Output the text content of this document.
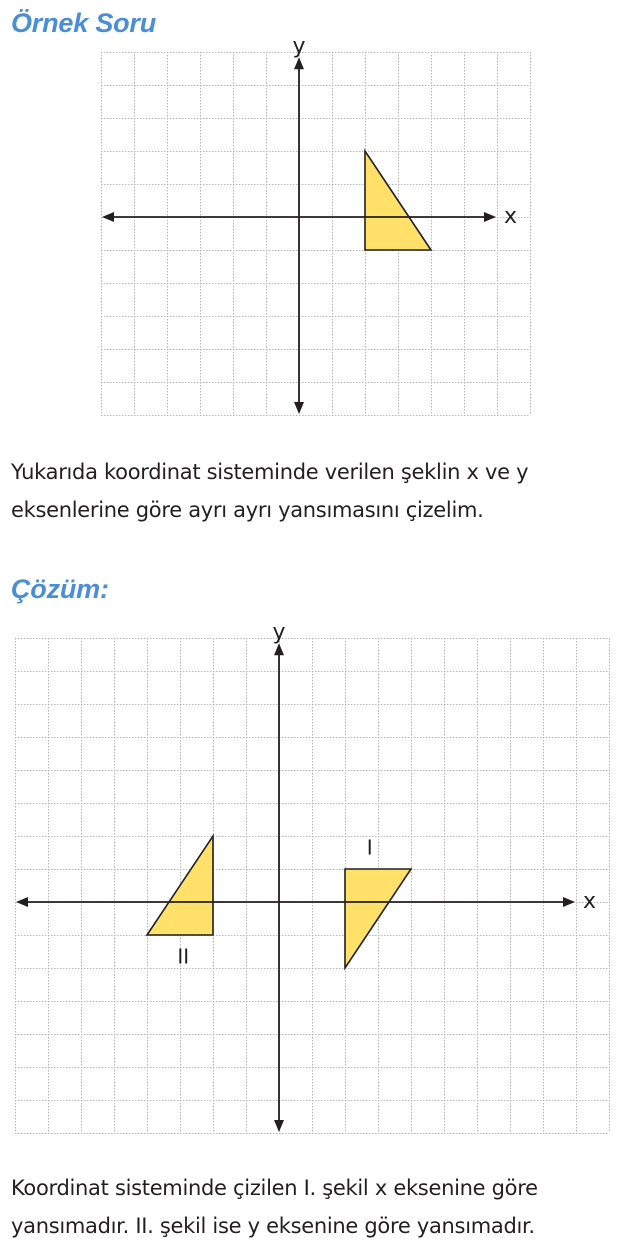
Örnek Soru
x
y

Yukarıda koordinat sisteminde verilen şeklin x ve y
eksenlerine göre ayrı ayrı yansımasını çizelim.

Çözüm:
I
II
x
y

Koordinat sisteminde çizilen I. şekil x eksenine göre
yansımadır. II. şekil ise y eksenine göre yansımadır.
